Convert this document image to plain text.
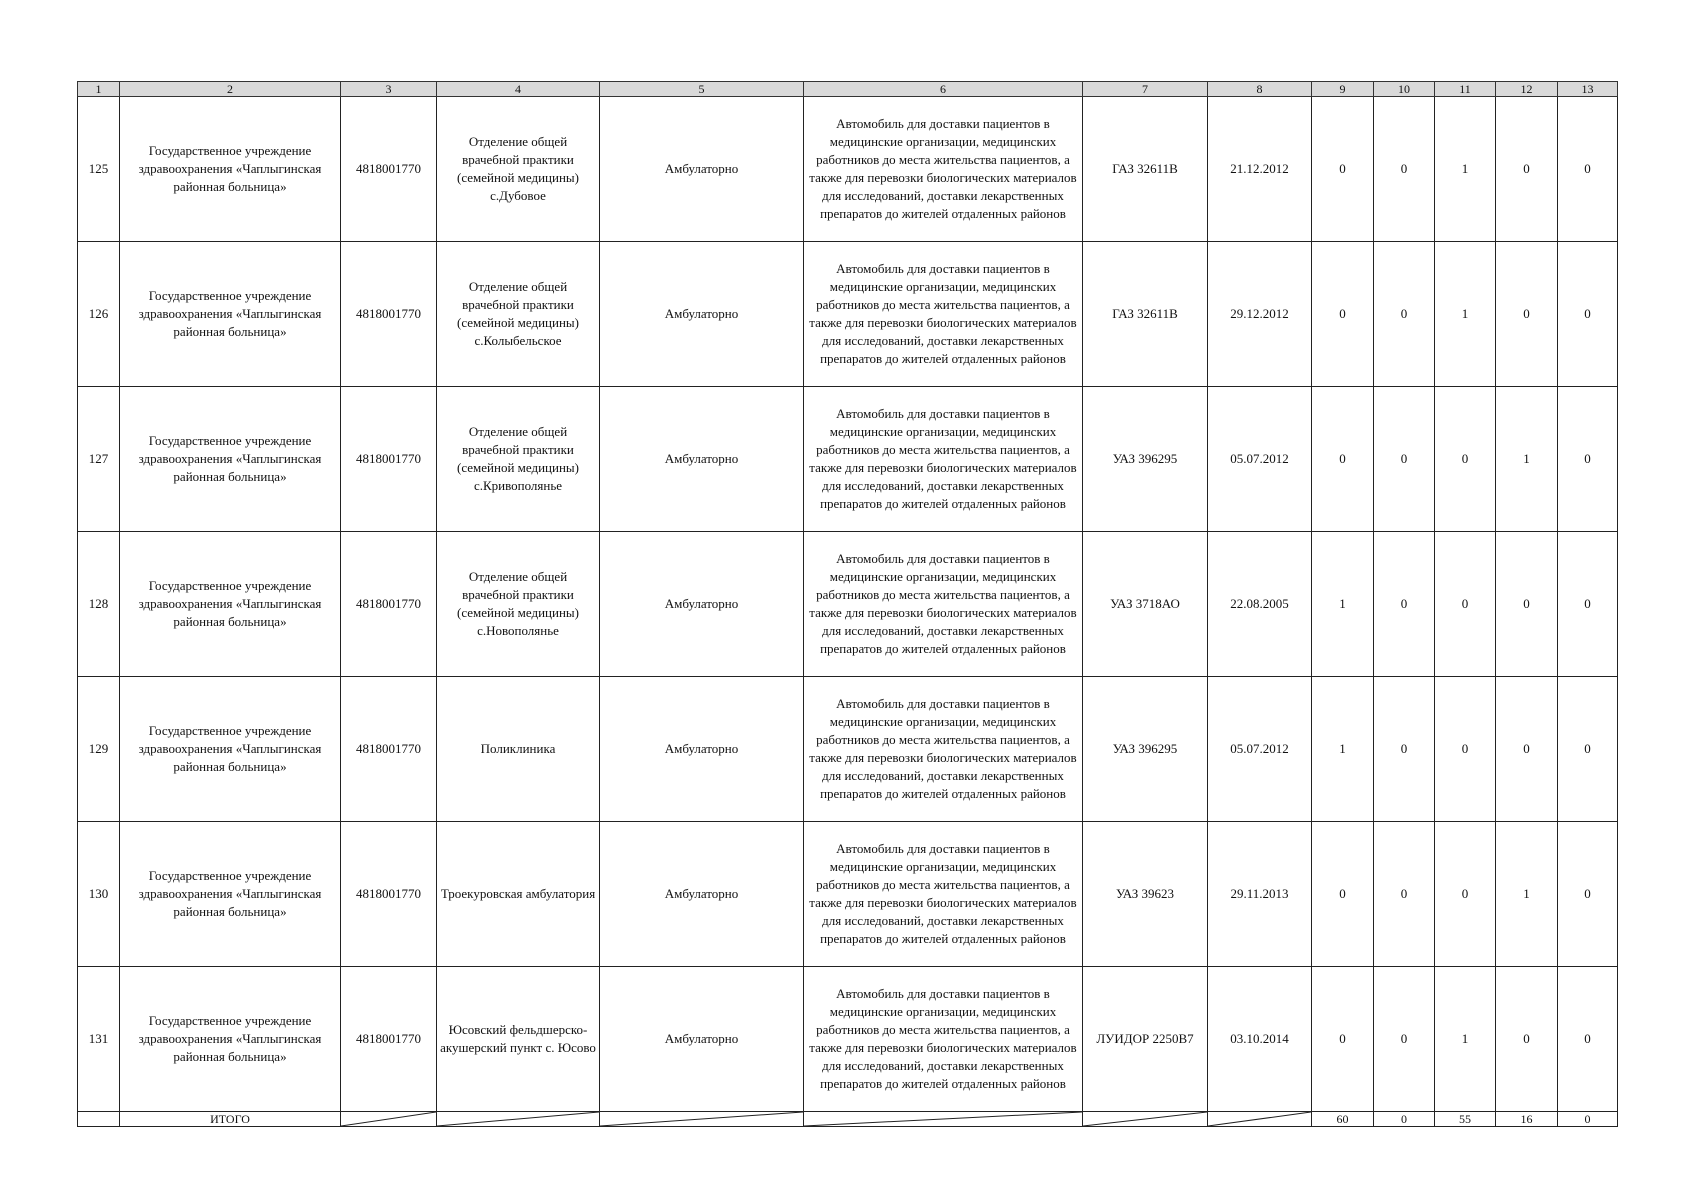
1	2	3	4	5	6	7	8	9	10	11	12	13
125	Государственное учреждение здравоохранения «Чаплыгинская районная больница»	4818001770	Отделение общей врачебной практики (семейной медицины) с.Дубовое	Амбулаторно	Автомобиль для доставки пациентов в медицинские организации, медицинских работников до места жительства пациентов, а также для перевозки биологических материалов для исследований, доставки лекарственных препаратов до жителей отдаленных районов	ГАЗ 32611В	21.12.2012	0	0	1	0	0
126	Государственное учреждение здравоохранения «Чаплыгинская районная больница»	4818001770	Отделение общей врачебной практики (семейной медицины) с.Колыбельское	Амбулаторно	Автомобиль для доставки пациентов в медицинские организации, медицинских работников до места жительства пациентов, а также для перевозки биологических материалов для исследований, доставки лекарственных препаратов до жителей отдаленных районов	ГАЗ 32611В	29.12.2012	0	0	1	0	0
127	Государственное учреждение здравоохранения «Чаплыгинская районная больница»	4818001770	Отделение общей врачебной практики (семейной медицины) с.Кривополянье	Амбулаторно	Автомобиль для доставки пациентов в медицинские организации, медицинских работников до места жительства пациентов, а также для перевозки биологических материалов для исследований, доставки лекарственных препаратов до жителей отдаленных районов	УАЗ 396295	05.07.2012	0	0	0	1	0
128	Государственное учреждение здравоохранения «Чаплыгинская районная больница»	4818001770	Отделение общей врачебной практики (семейной медицины) с.Новополянье	Амбулаторно	Автомобиль для доставки пациентов в медицинские организации, медицинских работников до места жительства пациентов, а также для перевозки биологических материалов для исследований, доставки лекарственных препаратов до жителей отдаленных районов	УАЗ 3718АО	22.08.2005	1	0	0	0	0
129	Государственное учреждение здравоохранения «Чаплыгинская районная больница»	4818001770	Поликлиника	Амбулаторно	Автомобиль для доставки пациентов в медицинские организации, медицинских работников до места жительства пациентов, а также для перевозки биологических материалов для исследований, доставки лекарственных препаратов до жителей отдаленных районов	УАЗ 396295	05.07.2012	1	0	0	0	0
130	Государственное учреждение здравоохранения «Чаплыгинская районная больница»	4818001770	Троекуровская амбулатория	Амбулаторно	Автомобиль для доставки пациентов в медицинские организации, медицинских работников до места жительства пациентов, а также для перевозки биологических материалов для исследований, доставки лекарственных препаратов до жителей отдаленных районов	УАЗ 39623	29.11.2013	0	0	0	1	0
131	Государственное учреждение здравоохранения «Чаплыгинская районная больница»	4818001770	Юсовский фельдшерско-акушерский пункт с. Юсово	Амбулаторно	Автомобиль для доставки пациентов в медицинские организации, медицинских работников до места жительства пациентов, а также для перевозки биологических материалов для исследований, доставки лекарственных препаратов до жителей отдаленных районов	ЛУИДОР 2250В7	03.10.2014	0	0	1	0	0
	ИТОГО							60	0	55	16	0
